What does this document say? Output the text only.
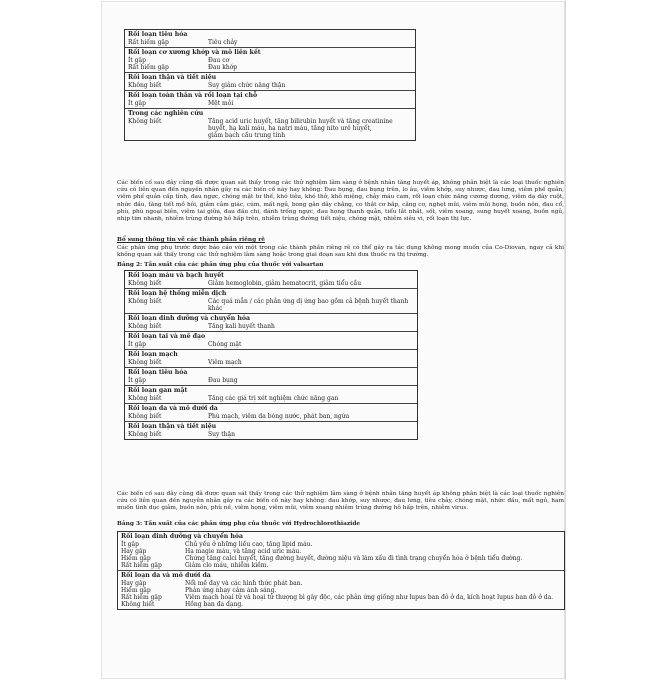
Rối loạn tiêu hóa
Rất hiếm gặp	Tiêu chảy
Rối loạn cơ xương khớp và mô liên kết
Ít gặp	Đau cơ
Rất hiếm gặp	Đau khớp
Rối loạn thận và tiết niệu
Không biết	Suy giảm chức năng thận
Rối loạn toàn thân và rối loạn tại chỗ
Ít gặp	Mệt mỏi
Trong các nghiên cứu
Không biết	Tăng acid uric huyết, tăng bilirubin huyết và tăng creatinine
huyết, hạ kali máu, hạ natri máu, tăng nito urê huyết,
giảm bạch cầu trung tính
Các biến cố sau đây cũng đã được quan sát thấy trong các thử nghiệm lâm sàng ở bệnh nhân tăng huyết áp, không phân biệt là các loại thuốc nghiên cứu có liên quan đến nguyên nhân gây ra các biến cố này hay không: Đau bụng, đau bụng trên, lo âu, viêm khớp, suy nhược, đau lưng, viêm phế quản, viêm phế quản cấp tính, đau ngực, chóng mặt tư thế, khó tiêu, khó thở, khô miệng, chảy máu cam, rối loạn chức năng cương dương, viêm dạ dày ruột, nhức đầu, tăng tiết mồ hôi, giảm cảm giác, cúm, mất ngủ, bong gân dây chằng, co thắt cơ bắp, căng cơ, nghẹt mũi, viêm mũi họng, buồn nôn, đau cổ, phù, phù ngoại biên, viêm tai giữa, đau đầu chi, đánh trống ngực, đau họng thanh quản, tiểu lắt nhắt, sốt, viêm xoang, sung huyết xoang, buồn ngủ, nhịp tim nhanh, nhiễm trùng đường hô hấp trên, nhiễm trùng đường tiết niệu, chóng mặt, nhiễm siêu vi, rối loạn thị lực.
Bổ sung thông tin về các thành phần riêng rẽ
Các phản ứng phụ trước được báo cáo với một trong các thành phần riêng rẽ có thể gây ra tác dụng không mong muốn của Co-Diovan, ngay cả khi không quan sát thấy trong các thử nghiệm lâm sàng hoặc trong giai đoạn sau khi đưa thuốc ra thị trường.
Bảng 2: Tần suất của các phản ứng phụ của thuốc với valsartan
Rối loạn máu và bạch huyết
Không biết	Giảm hemoglobin, giảm hematocrit, giảm tiểu cầu
Rối loạn hệ thống miễn dịch
Không biết	Các quá mẫn / các phản ứng dị ứng bao gồm cả bệnh huyết thanh khác
Rối loạn dinh dưỡng và chuyển hóa
Không biết	Tăng kali huyết thanh
Rối loạn tai và mê đạo
Ít gặp	Chóng mặt
Rối loạn mạch
Không biết	Viêm mạch
Rối loạn tiêu hóa
Ít gặp	Đau bụng
Rối loạn gan mật
Không biết	Tăng các giá trị xét nghiệm chức năng gan
Rối loạn da và mô dưới da
Không biết	Phù mạch, viêm da bóng nước, phát ban, ngứa
Rối loạn thận và tiết niệu
Không biết	Suy thận
Các biến cố sau đây cũng đã được quan sát thấy trong các thử nghiệm lâm sàng ở bệnh nhân tăng huyết áp không phân biệt là các loại thuốc nghiên cứu có liên quan đến nguyên nhân gây ra các biến cố này hay không: đau khớp, suy nhược, đau lưng, tiêu chảy, chóng mặt, nhức đầu, mất ngủ, ham muốn tình dục giảm, buồn nôn, phù nề, viêm họng, viêm mũi, viêm xoang nhiễm trùng đường hô hấp trên, nhiễm virus.
Bảng 3: Tần suất của các phản ứng phụ của thuốc với Hydrochlorothiazide
Rối loạn dinh dưỡng và chuyển hóa
Ít gặp	Chủ yếu ở những liều cao, tăng lipid máu.
Hay gặp	Hạ magie máu, và tăng acid uric máu.
Hiếm gặp	Chứng tăng calci huyết, tăng đường huyết, đường niệu và làm xấu đi tình trạng chuyển hóa ở bệnh tiểu đường.
Rất hiếm gặp	Giảm clo máu, nhiễm kiềm.
Rối loạn da và mô dưới da
Hay gặp	Nổi mề đay và các hình thức phát ban.
Hiếm gặp	Phản ứng nhạy cảm ánh sáng.
Rất hiếm gặp	Viêm mạch hoại tử và hoại tử thượng bì gây độc, các phản ứng giống như lupus ban đỏ ở da, kích hoạt lupus ban đỏ ở da.
Không biết	Hồng ban đa dạng.
